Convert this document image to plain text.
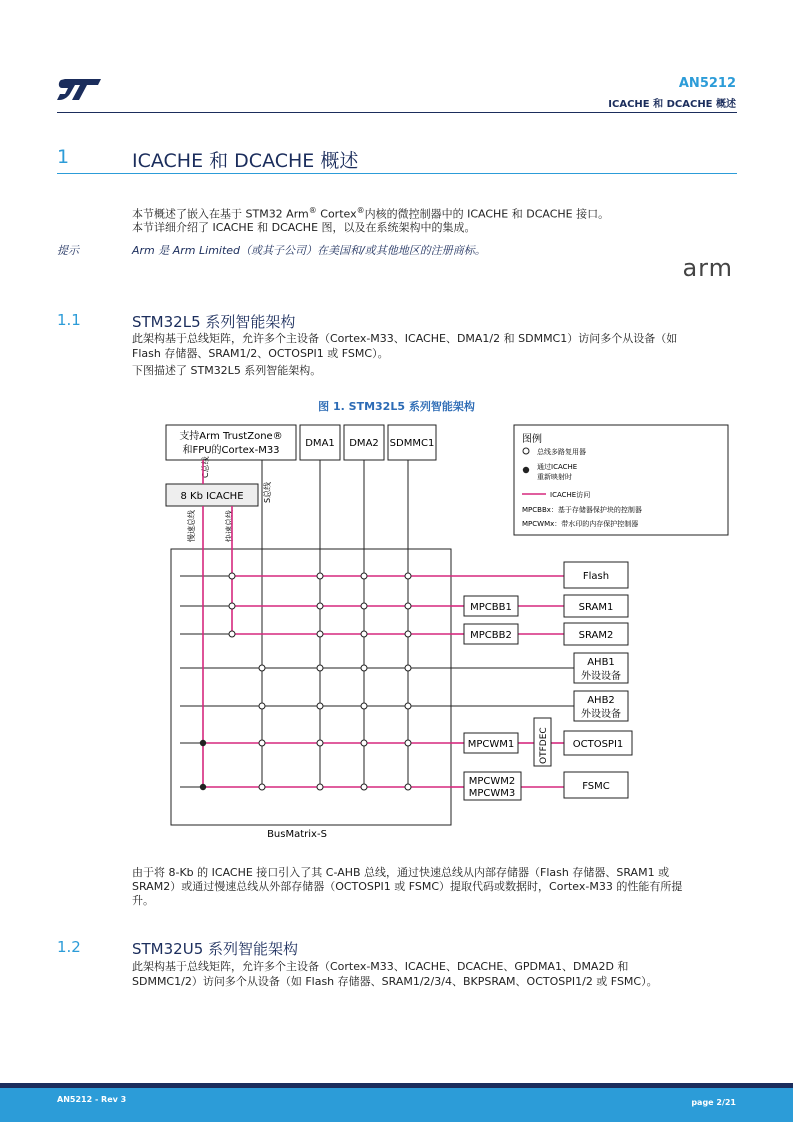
AN5212
ICACHE 和 DCACHE 概述
1	ICACHE 和 DCACHE 概述
本节概述了嵌入在基于 STM32 Arm® Cortex®内核的微控制器中的 ICACHE 和 DCACHE 接口。
本节详细介绍了 ICACHE 和 DCACHE 图，以及在系统架构中的集成。
提示	Arm 是 Arm Limited（或其子公司）在美国和/或其他地区的注册商标。
arm
1.1	STM32L5 系列智能架构
此架构基于总线矩阵，允许多个主设备（Cortex-M33、ICACHE、DMA1/2 和 SDMMC1）访问多个从设备（如
Flash 存储器、SRAM1/2、OCTOSPI1 或 FSMC）。
下图描述了 STM32L5 系列智能架构。
图 1. STM32L5 系列智能架构
支持Arm TrustZone®
和FPU的Cortex-M33
8 Kb ICACHE
C总线
S总线
慢速总线	快速总线
DMA1 DMA2 SDMMC1	图例
总线多路复用器
通过ICACHE
重新映射时
ICACHE访问
MPCBBx：基于存储器保护块的控制器
MPCWMx：带水印的内存保护控制器
BusMatrix-S
MPCBB1
MPCBB2
MPCWM1	OTFDEC
MPCWM2
MPCWM3
Flash
SRAM1
SRAM2
AHB1
外设设备
AHB2
外设设备
OCTOSPI1
FSMC
由于将 8-Kb 的 ICACHE 接口引入了其 C-AHB 总线，通过快速总线从内部存储器（Flash 存储器、SRAM1 或
SRAM2）或通过慢速总线从外部存储器（OCTOSPI1 或 FSMC）提取代码或数据时，Cortex-M33 的性能有所提
升。
1.2	STM32U5 系列智能架构
此架构基于总线矩阵，允许多个主设备（Cortex-M33、ICACHE、DCACHE、GPDMA1、DMA2D 和
SDMMC1/2）访问多个从设备（如 Flash 存储器、SRAM1/2/3/4、BKPSRAM、OCTOSPI1/2 或 FSMC）。
AN5212 - Rev 3	page 2/21
